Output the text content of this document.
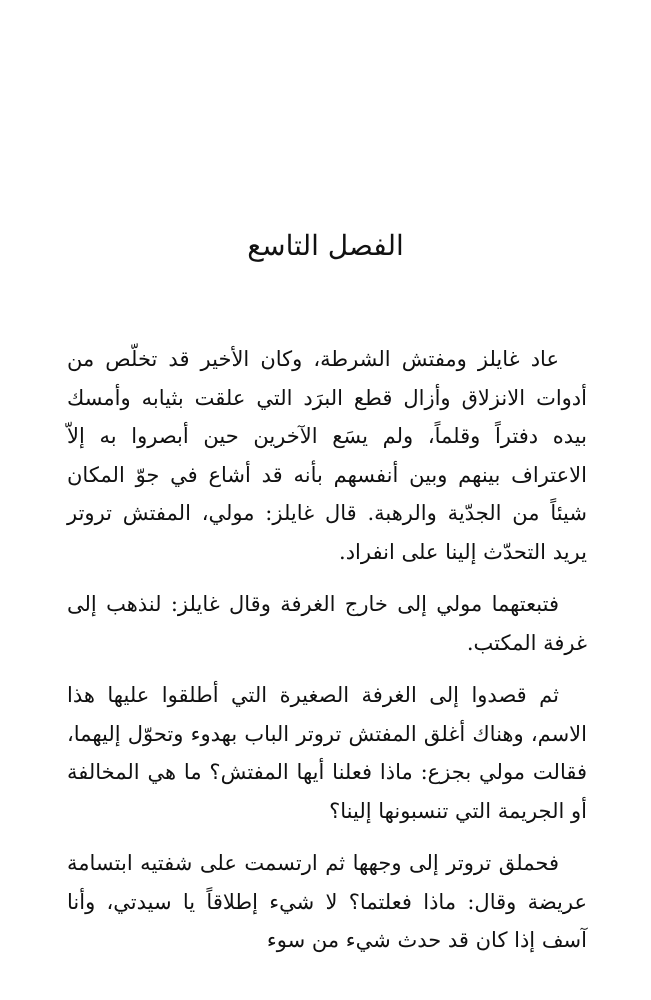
الفصل التاسع

عاد غايلز ومفتش الشرطة، وكان الأخير قد تخلّص من أدوات الانزلاق وأزال قطع البرَد التي علقت بثيابه وأمسك بيده دفتراً وقلماً، ولم يسَع الآخرين حين أبصروا به إلاّ الاعتراف بينهم وبين أنفسهم بأنه قد أشاع في جوّ المكان شيئاً من الجدّية والرهبة. قال غايلز: مولي، المفتش تروتر يريد التحدّث إلينا على انفراد.

فتبعتهما مولي إلى خارج الغرفة وقال غايلز: لنذهب إلى غرفة المكتب.

ثم قصدوا إلى الغرفة الصغيرة التي أطلقوا عليها هذا الاسم، وهناك أغلق المفتش تروتر الباب بهدوء وتحوّل إليهما، فقالت مولي بجزع: ماذا فعلنا أيها المفتش؟ ما هي المخالفة أو الجريمة التي تنسبونها إلينا؟

فحملق تروتر إلى وجهها ثم ارتسمت على شفتيه ابتسامة عريضة وقال: ماذا فعلتما؟ لا شيء إطلاقاً يا سيدتي، وأنا آسف إذا كان قد حدث شيء من سوء
